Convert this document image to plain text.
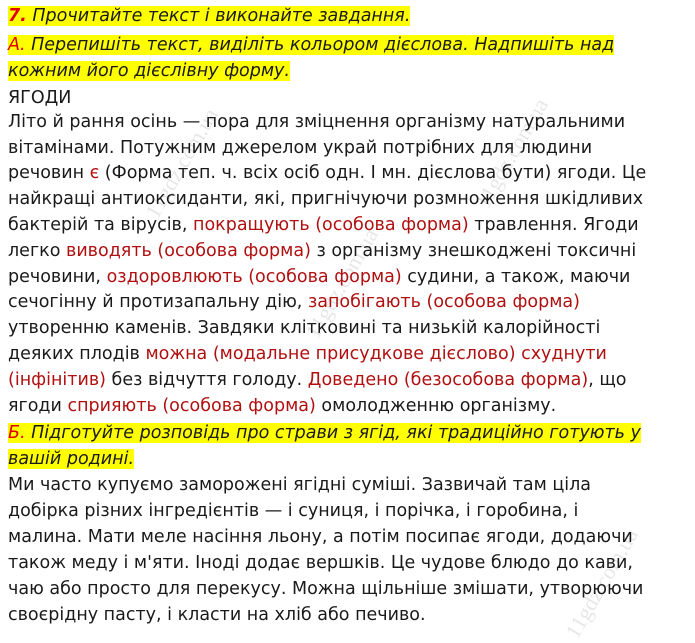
11gdz.com.ua
11gdz.com.ua
11gdz.com.ua
11gdz.com.ua
7. Прочитайте текст і виконайте завдання.
А. Перепишіть текст, виділіть кольором дієслова. Надпишіть над
кожним його дієслівну форму.
ЯГОДИ
Літо й рання осінь — пора для зміцнення організму натуральними
вітамінами. Потужним джерелом украй потрібних для людини
речовин є (Форма теп. ч. всіх осіб одн. І мн. дієслова бути) ягоди. Це
найкращі антиоксиданти, які, пригнічуючи розмноження шкідливих
бактерій та вірусів, покращують (особова форма) травлення. Ягоди
легко виводять (особова форма) з організму знешкоджені токсичні
речовини, оздоровлюють (особова форма) судини, а також, маючи
сечогінну й протизапальну дію, запобігають (особова форма)
утворенню каменів. Завдяки клітковині та низькій калорійності
деяких плодів можна (модальне присудкове дієслово) схуднути
(інфінітив) без відчуття голоду. Доведено (безособова форма), що
ягоди сприяють (особова форма) омолодженню організму.
Б. Підготуйте розповідь про страви з ягід, які традиційно готують у
вашій родині.
Ми часто купуємо заморожені ягідні суміші. Зазвичай там ціла
добірка різних інгредієнтів — і суниця, і порічка, і горобина, і
малина. Мати меле насіння льону, а потім посипає ягоди, додаючи
також меду і м'яти. Іноді додає вершків. Це чудове блюдо до кави,
чаю або просто для перекусу. Можна щільніше змішати, утворюючи
своєрідну пасту, і класти на хліб або печиво.
